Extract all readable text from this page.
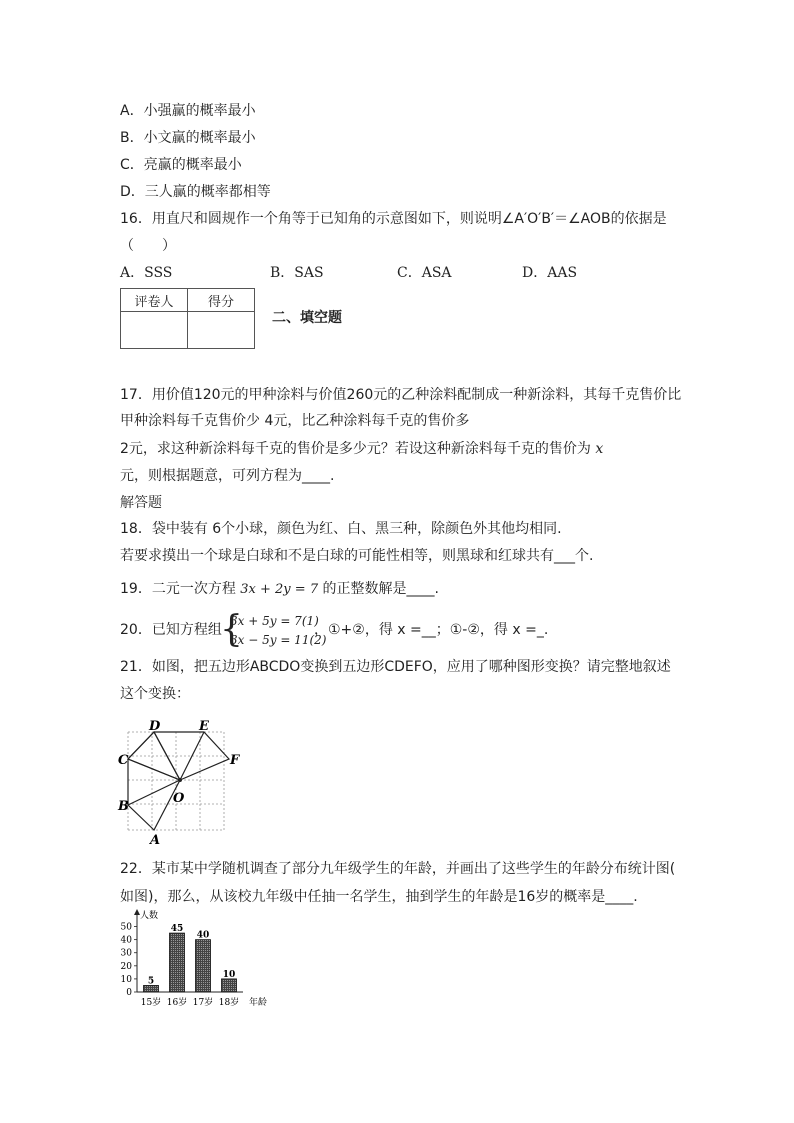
A．小强赢的概率最小
B．小文赢的概率最小
C．亮赢的概率最小
D．三人赢的概率都相等
16．用直尺和圆规作一个角等于已知角的示意图如下，则说明∠A′O′B′＝∠AOB的依据是
（　　）
A．SSS	B．SAS	C．ASA	D．AAS
评卷人	得分

二、填空题
17．用价值120元的甲种涂料与价值260元的乙种涂料配制成一种新涂料，其每千克售价比
甲种涂料每千克售价少 4元，比乙种涂料每千克的售价多
2元，求这种新涂料每千克的售价是多少元？若设这种新涂料每千克的售价为 x
元，则根据题意，可列方程为____.
解答题
18．袋中装有 6个小球，颜色为红、白、黑三种，除颜色外其他均相同.
若要求摸出一个球是白球和不是白球的可能性相等，则黑球和红球共有___个.
19．二元一次方程 3x + 2y = 7 的正整数解是____.
20．已知方程组
{
3x + 5y = 7(1)
3x − 5y = 11(2)
，①+②，得 x =__；①-②，得 x =_.
21．如图，把五边形ABCDO变换到五边形CDEFO，应用了哪种图形变换？请完整地叙述
这个变换：
D	E
C	F
B
O
A
22．某市某中学随机调查了部分九年级学生的年龄，并画出了这些学生的年龄分布统计图(
如图)，那么，从该校九年级中任抽一名学生，抽到学生的年龄是16岁的概率是____.
人数
年龄
0
10
20
30
40
50
5
15岁
45
16岁
40
17岁
10
18岁
